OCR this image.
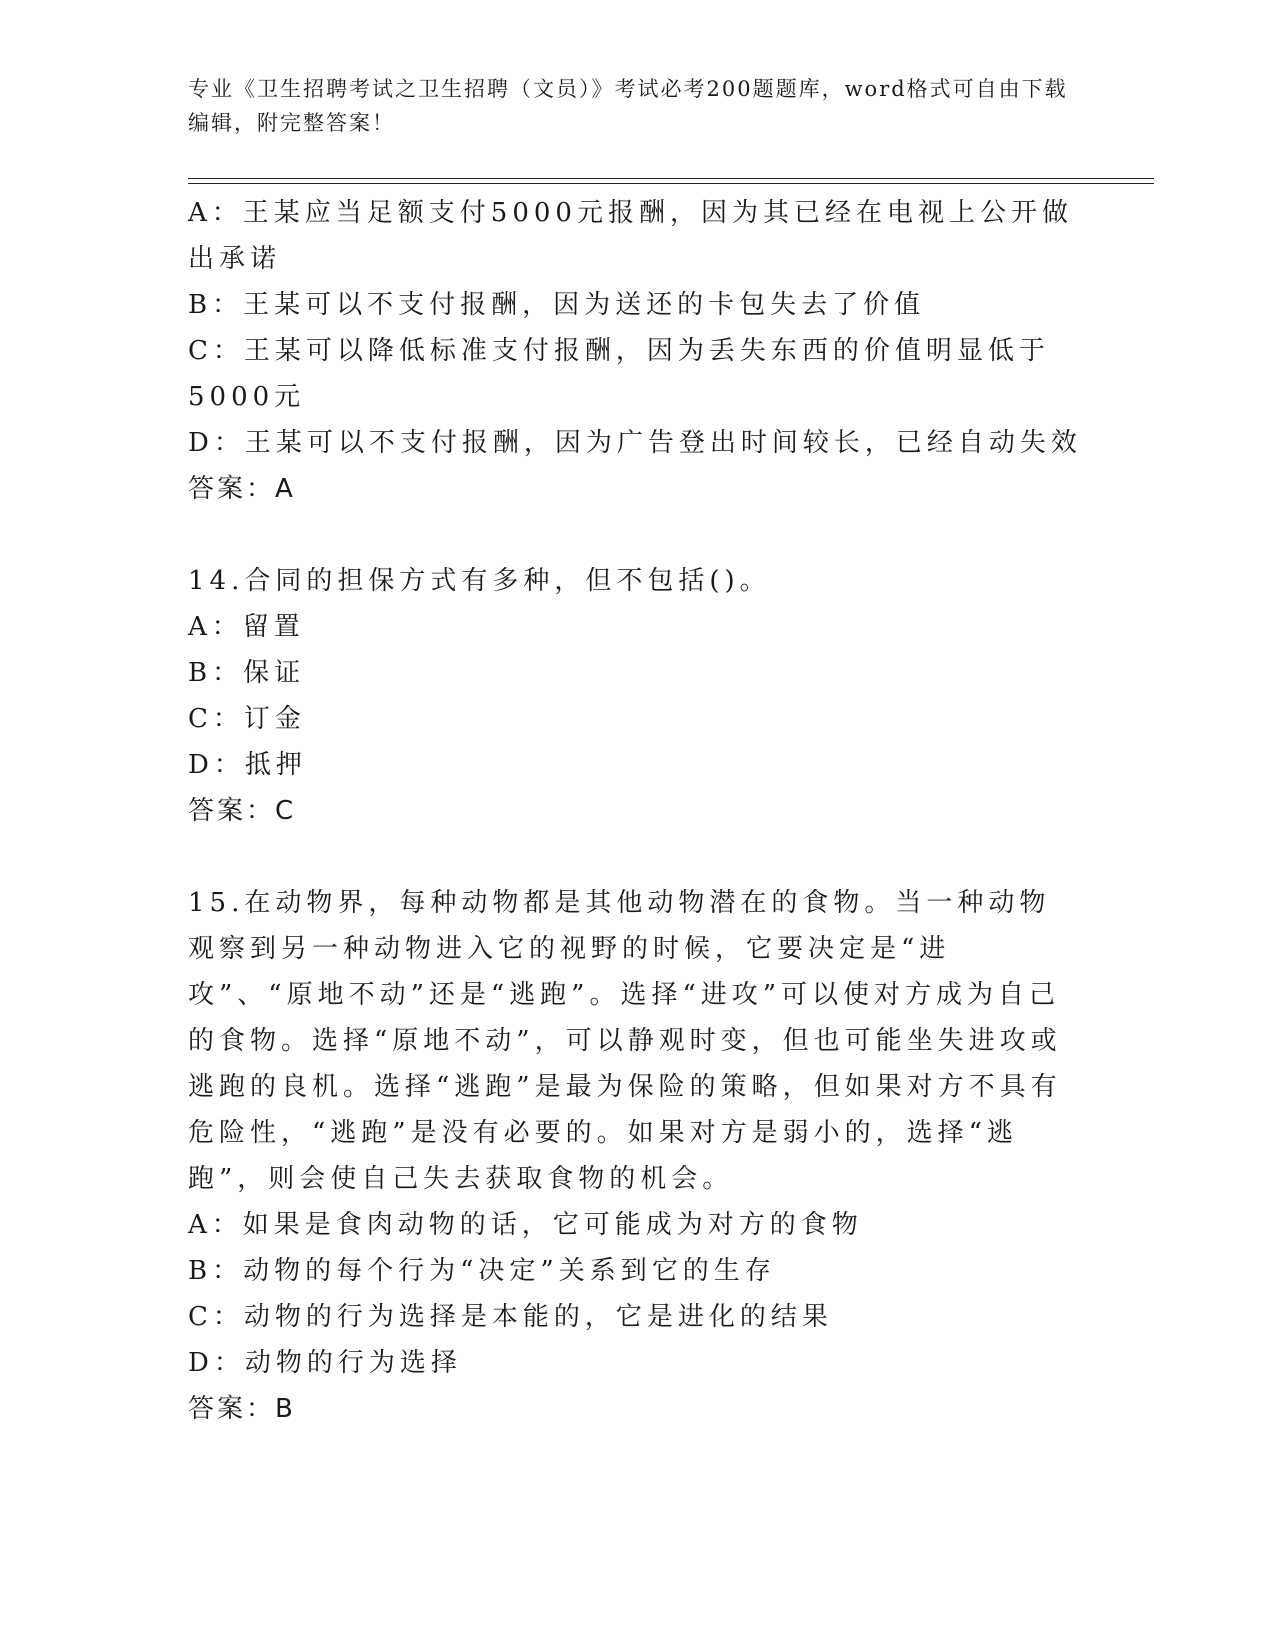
专业《卫生招聘考试之卫生招聘（文员）》考试必考200题题库，word格式可自由下载编辑，附完整答案！
A：王某应当足额支付5000元报酬，因为其已经在电视上公开做出承诺
B：王某可以不支付报酬，因为送还的卡包失去了价值
C：王某可以降低标准支付报酬，因为丢失东西的价值明显低于5000元
D：王某可以不支付报酬，因为广告登出时间较长，已经自动失效
答案：A
14.合同的担保方式有多种，但不包括()。
A：留置
B：保证
C：订金
D：抵押
答案：C
15.在动物界，每种动物都是其他动物潜在的食物。当一种动物观察到另一种动物进入它的视野的时候，它要决定是“进攻”、“原地不动”还是“逃跑”。选择“进攻”可以使对方成为自己的食物。选择“原地不动”，可以静观时变，但也可能坐失进攻或逃跑的良机。选择“逃跑”是最为保险的策略，但如果对方不具有危险性，“逃跑”是没有必要的。如果对方是弱小的，选择“逃跑”，则会使自己失去获取食物的机会。
A：如果是食肉动物的话，它可能成为对方的食物
B：动物的每个行为“决定”关系到它的生存
C：动物的行为选择是本能的，它是进化的结果
D：动物的行为选择
答案：B
